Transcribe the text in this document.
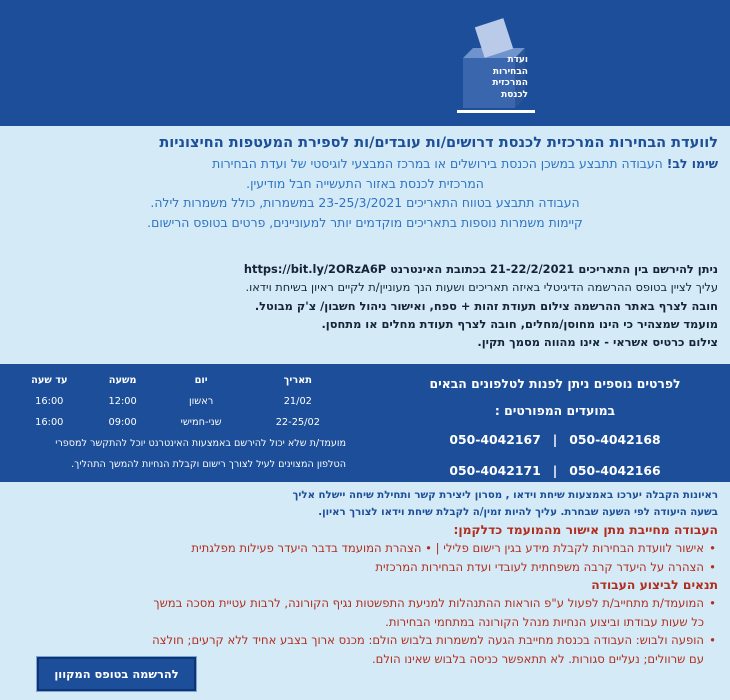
ועדת
הבחירות
המרכזית
לכנסת
לוועדת הבחירות המרכזית לכנסת דרושים/ות עובדים/ות לספירת המעטפות החיצוניות
שימו לב! העבודה תתבצע במשכן הכנסת בירושלים או במרכז המבצעי לוגיסטי של ועדת הבחירות
המרכזית לכנסת באזור התעשייה חבל מודיעין.
העבודה תתבצע בטווח התאריכים 23-25/3/2021 במשמרות, כולל משמרות לילה.
קיימות משמרות נוספות בתאריכים מוקדמים יותר למעוניינים, פרטים בטופס הרישום.
ניתן להירשם בין התאריכים 21-22/2/2021 בכתובת האינטרנט https://bit.ly/2ORzA6P
עליך לציין בטופס ההרשמה הדיגיטלי באיזה תאריכים ושעות הנך מעוניין/ת לקיים ראיון בשיחת וידאו.
חובה לצרף באתר ההרשמה צילום תעודת זהות + ספח, ואישור ניהול חשבון/ צ'ק מבוטל.
מועמד שמצהיר כי הינו מחוסן/מחלים, חובה לצרף תעודת מחלים או מתחסן.
צילום כרטיס אשראי - אינו מהווה מסמך תקין.
לפרטים נוספים ניתן לפנות לטלפונים הבאים
במועדים המפורטים :
050-4042168
|
050-4042167
050-4042166
|
050-4042171
תאריך	יום	משעה	עד שעה
21/02	ראשון	12:00	16:00
22-25/02	שני-חמישי	09:00	16:00
מועמד/ת שלא יכול להירשם באמצעות האינטרנט יוכל להתקשר למספרי
הטלפון המצוינים לעיל לצורך רישום וקבלת הנחיות להמשך התהליך.
ראיונות הקבלה יערכו באמצעות שיחת וידאו , מסרון ליצירת קשר ותחילת שיחה יישלח אליך
בשעה היעודה לפי השעה שבחרת. עליך להיות זמין/ה לקבלת שיחת וידאו לצורך ראיון.
העבודה מחייבת מתן אישור מהמועמד כדלקמן:
• אישור לוועדת הבחירות לקבלת מידע בגין רישום פלילי | • הצהרת המועמד בדבר היעדר פעילות מפלגתית
• הצהרה על היעדר קרבה משפחתית לעובדי ועדת הבחירות המרכזית
תנאים לביצוע העבודה
• המועמד/ת מתחייב/ת לפעול ע"פ הוראות ההתנהלות למניעת התפשטות נגיף הקורונה, לרבות עטיית מסכה במשך
כל שעות עבודתו וביצוע הנחיות מנהל הקורונה במתחמי הבחירות.
• הופעה ולבוש: העבודה בכנסת מחייבת הגעה למשמרות בלבוש הולם: מכנס ארוך בצבע אחיד ללא קרעים; חולצה
עם שרוולים; נעליים סגורות. לא תתאפשר כניסה בלבוש שאינו הולם.
להרשמה בטופס המקוון
